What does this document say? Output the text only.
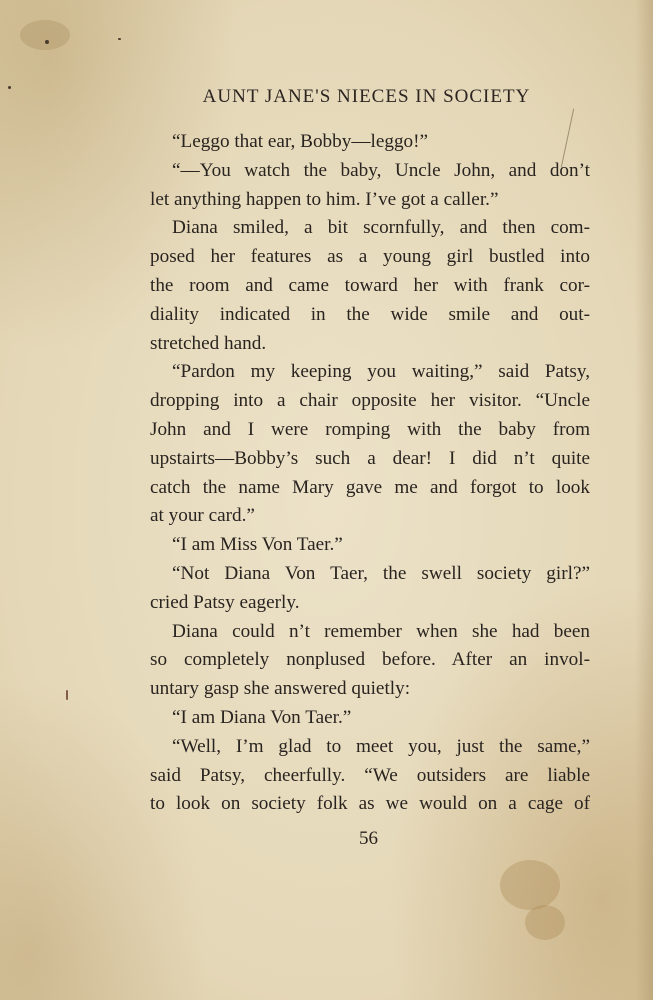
AUNT JANE'S NIECES IN SOCIETY
“Leggo that ear, Bobby—leggo!”
“—You watch the baby, Uncle John, and don’t
let anything happen to him. I’ve got a caller.”
Diana smiled, a bit scornfully, and then com-
posed her features as a young girl bustled into
the room and came toward her with frank cor-
diality indicated in the wide smile and out-
stretched hand.
“Pardon my keeping you waiting,” said Patsy,
dropping into a chair opposite her visitor. “Uncle
John and I were romping with the baby from
upstairts—Bobby’s such a dear! I did n’t quite
catch the name Mary gave me and forgot to look
at your card.”
“I am Miss Von Taer.”
“Not Diana Von Taer, the swell society girl?”
cried Patsy eagerly.
Diana could n’t remember when she had been
so completely nonplused before. After an invol-
untary gasp she answered quietly:
“I am Diana Von Taer.”
“Well, I’m glad to meet you, just the same,”
said Patsy, cheerfully. “We outsiders are liable
to look on society folk as we would on a cage of
56
